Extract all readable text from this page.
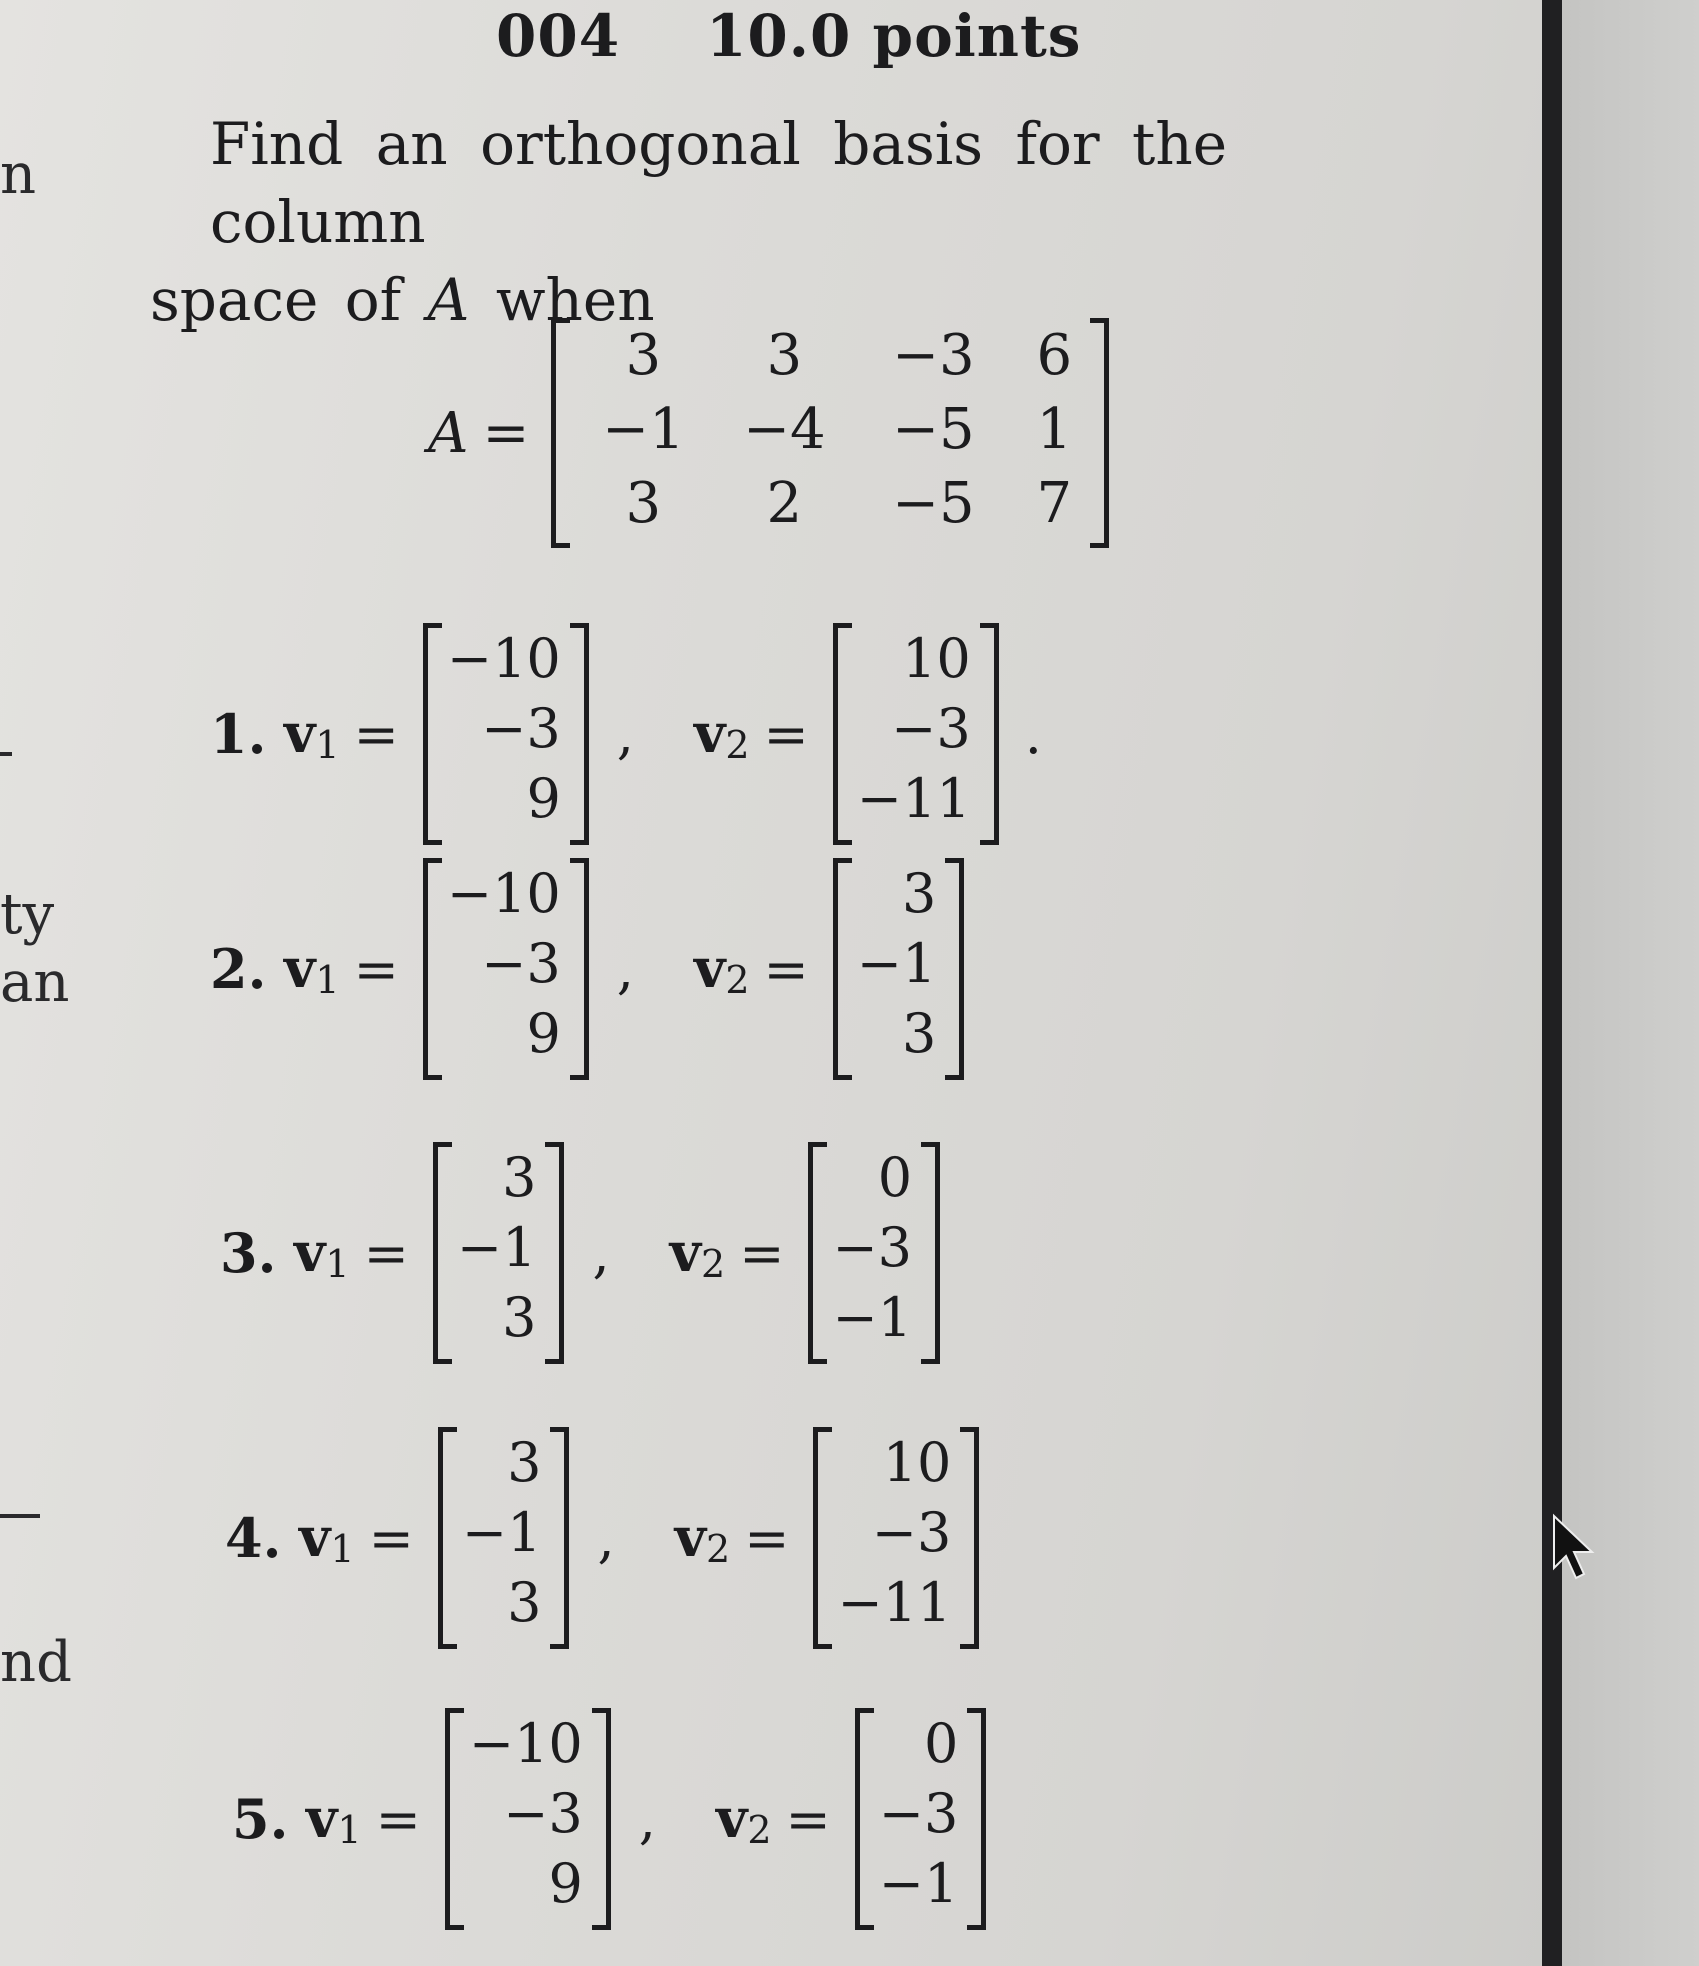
n
ty
an
nd
004 10.0 points
Find an orthogonal basis for the column
space of A when
A =
3	3	−3	6
−1	−4	−5	1
3	2	−5	7
1. $v_1$ =
−10
−3
9
, $v_2$ =
10
−3
−11
.
2. $v_1$ =
−10
−3
9
, $v_2$ =
3
−1
3
3. $v_1$ =
3
−1
3
, $v_2$ =
0
−3
−1
4. $v_1$ =
3
−1
3
, $v_2$ =
10
−3
−11
5. $v_1$ =
−10
−3
9
, $v_2$ =
0
−3
−1
